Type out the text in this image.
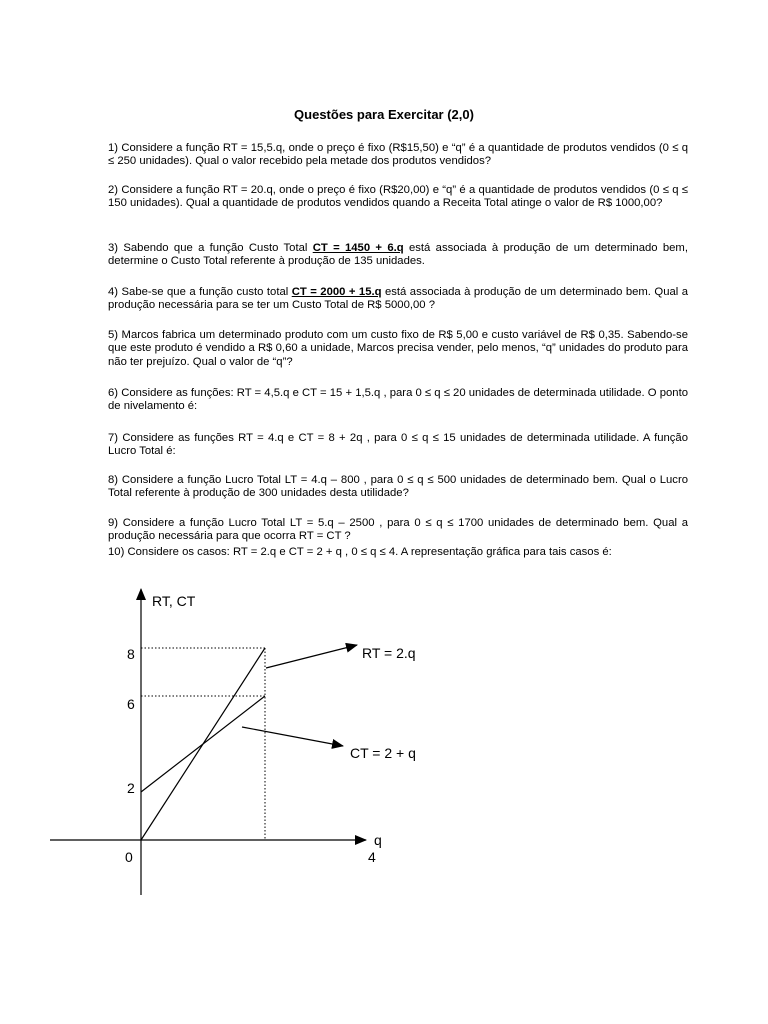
Questões para Exercitar (2,0)
1) Considere a função RT = 15,5.q, onde o preço é fixo (R$15,50) e “q” é a quantidade de produtos vendidos (0 ≤ q ≤ 250 unidades). Qual o valor recebido pela metade dos produtos vendidos?
2) Considere a função RT = 20.q, onde o preço é fixo (R$20,00) e “q” é a quantidade de produtos vendidos (0 ≤ q ≤ 150 unidades). Qual a quantidade de produtos vendidos quando a Receita Total atinge o valor de R$ 1000,00?
3) Sabendo que a função Custo Total CT = 1450 + 6.q está associada à produção de um determinado bem, determine o Custo Total referente à produção de 135 unidades.
4) Sabe-se que a função custo total CT = 2000 + 15.q está associada à produção de um determinado bem. Qual a produção necessária para se ter um Custo Total de R$ 5000,00 ?
5) Marcos fabrica um determinado produto com um custo fixo de R$ 5,00 e custo variável de R$ 0,35. Sabendo-se que este produto é vendido a R$ 0,60 a unidade, Marcos precisa vender, pelo menos, “q” unidades do produto para não ter prejuízo. Qual o valor de “q”?
6) Considere as funções: RT = 4,5.q e CT = 15 + 1,5.q , para 0 ≤ q ≤ 20 unidades de determinada utilidade. O ponto de nivelamento é:
7) Considere as funções RT = 4.q e CT = 8 + 2q , para 0 ≤ q ≤ 15 unidades de determinada utilidade. A função Lucro Total é:
8) Considere a função Lucro Total LT = 4.q – 800 , para 0 ≤ q ≤ 500 unidades de determinado bem. Qual o Lucro Total referente à produção de 300 unidades desta utilidade?
9) Considere a função Lucro Total LT = 5.q – 2500 , para 0 ≤ q ≤ 1700 unidades de determinado bem. Qual a produção necessária para que ocorra RT = CT ?
10) Considere os casos: RT = 2.q e CT = 2 + q , 0 ≤ q ≤ 4. A representação gráfica para tais casos é:
RT, CT
q
0	4
8
6
2
RT = 2.q
CT = 2 + q
